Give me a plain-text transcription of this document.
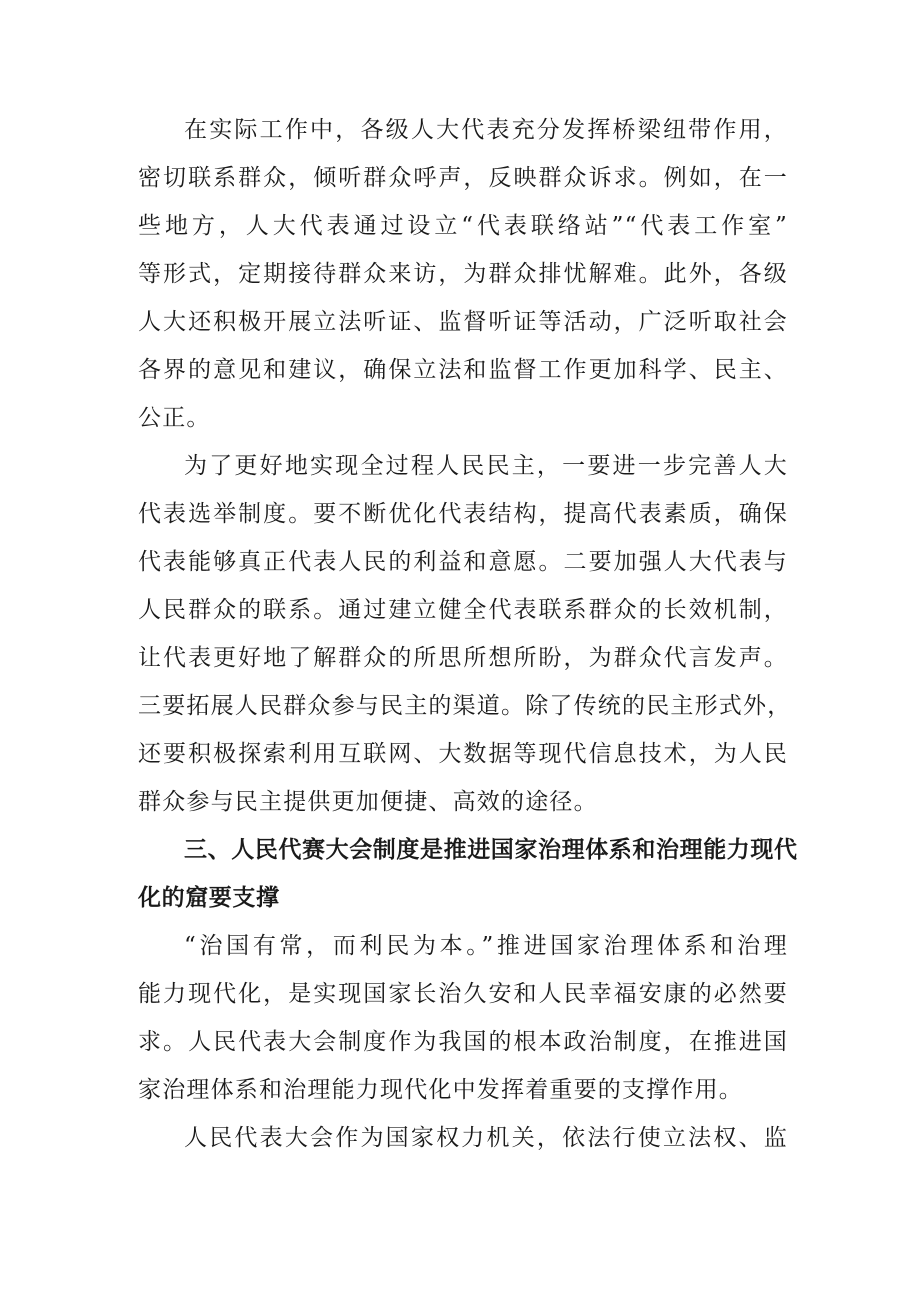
在实际工作中，各级人大代表充分发挥桥梁纽带作用，
密切联系群众，倾听群众呼声，反映群众诉求。例如，在一
些地方，人大代表通过设立“代表联络站”“代表工作室”
等形式，定期接待群众来访，为群众排忧解难。此外，各级
人大还积极开展立法听证、监督听证等活动，广泛听取社会
各界的意见和建议，确保立法和监督工作更加科学、民主、
公正。
为了更好地实现全过程人民民主，一要进一步完善人大
代表选举制度。要不断优化代表结构，提高代表素质，确保
代表能够真正代表人民的利益和意愿。二要加强人大代表与
人民群众的联系。通过建立健全代表联系群众的长效机制，
让代表更好地了解群众的所思所想所盼，为群众代言发声。
三要拓展人民群众参与民主的渠道。除了传统的民主形式外，
还要积极探索利用互联网、大数据等现代信息技术，为人民
群众参与民主提供更加便捷、高效的途径。
三、人民代赛大会制度是推进国家治理体系和治理能力现代
化的窟要支撑
“治国有常，而利民为本。”推进国家治理体系和治理
能力现代化，是实现国家长治久安和人民幸福安康的必然要
求。人民代表大会制度作为我国的根本政治制度，在推进国
家治理体系和治理能力现代化中发挥着重要的支撑作用。
人民代表大会作为国家权力机关，依法行使立法权、监
